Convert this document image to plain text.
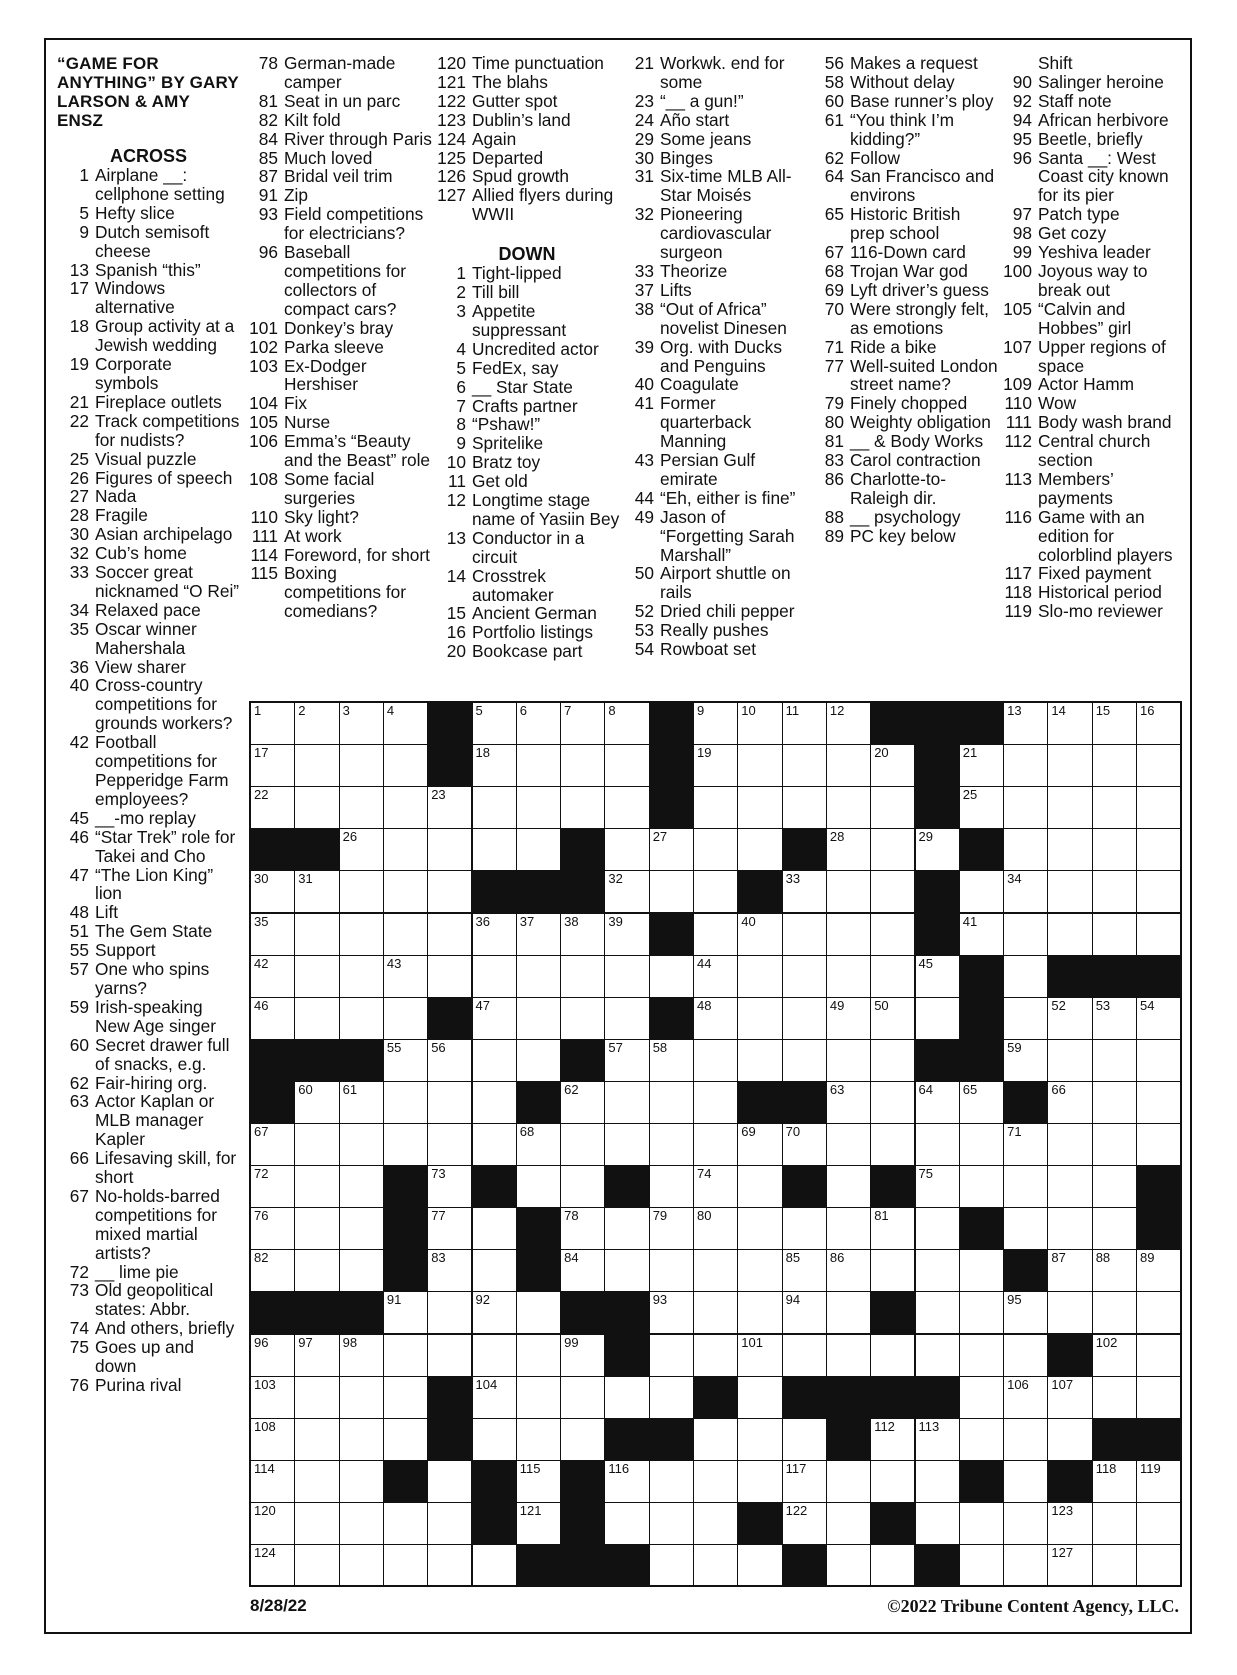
“GAME FOR ANYTHING” BY GARY LARSON & AMY ENSZ
ACROSS
1 Airplane __: cellphone setting
5 Hefty slice
9 Dutch semisoft cheese
13 Spanish “this”
17 Windows alternative
18 Group activity at a Jewish wedding
19 Corporate symbols
21 Fireplace outlets
22 Track competitions for nudists?
25 Visual puzzle
26 Figures of speech
27 Nada
28 Fragile
30 Asian archipelago
32 Cub’s home
33 Soccer great nicknamed “O Rei”
34 Relaxed pace
35 Oscar winner Mahershala
36 View sharer
40 Cross-country competitions for grounds workers?
42 Football competitions for Pepperidge Farm employees?
45 __-mo replay
46 “Star Trek” role for Takei and Cho
47 “The Lion King” lion
48 Lift
51 The Gem State
55 Support
57 One who spins yarns?
59 Irish-speaking New Age singer
60 Secret drawer full of snacks, e.g.
62 Fair-hiring org.
63 Actor Kaplan or MLB manager Kapler
66 Lifesaving skill, for short
67 No-holds-barred competitions for mixed martial artists?
72 __ lime pie
73 Old geopolitical states: Abbr.
74 And others, briefly
75 Goes up and down
76 Purina rival
78 German-made camper
81 Seat in un parc
82 Kilt fold
84 River through Paris
85 Much loved
87 Bridal veil trim
91 Zip
93 Field competitions for electricians?
96 Baseball competitions for collectors of compact cars?
101 Donkey’s bray
102 Parka sleeve
103 Ex-Dodger Hershiser
104 Fix
105 Nurse
106 Emma’s “Beauty and the Beast” role
108 Some facial surgeries
110 Sky light?
111 At work
114 Foreword, for short
115 Boxing competitions for comedians?
120 Time punctuation
121 The blahs
122 Gutter spot
123 Dublin’s land
124 Again
125 Departed
126 Spud growth
127 Allied flyers during WWII
DOWN
1 Tight-lipped
2 Till bill
3 Appetite suppressant
4 Uncredited actor
5 FedEx, say
6 __ Star State
7 Crafts partner
8 “Pshaw!”
9 Spritelike
10 Bratz toy
11 Get old
12 Longtime stage name of Yasiin Bey
13 Conductor in a circuit
14 Crosstrek automaker
15 Ancient German
16 Portfolio listings
20 Bookcase part
21 Workwk. end for some
23 “__ a gun!”
24 Año start
29 Some jeans
30 Binges
31 Six-time MLB All-Star Moisés
32 Pioneering cardiovascular surgeon
33 Theorize
37 Lifts
38 “Out of Africa” novelist Dinesen
39 Org. with Ducks and Penguins
40 Coagulate
41 Former quarterback Manning
43 Persian Gulf emirate
44 “Eh, either is fine”
49 Jason of “Forgetting Sarah Marshall”
50 Airport shuttle on rails
52 Dried chili pepper
53 Really pushes
54 Rowboat set
56 Makes a request
58 Without delay
60 Base runner’s ploy
61 “You think I’m kidding?”
62 Follow
64 San Francisco and environs
65 Historic British prep school
67 116-Down card
68 Trojan War god
69 Lyft driver’s guess
70 Were strongly felt, as emotions
71 Ride a bike
77 Well-suited London street name?
79 Finely chopped
80 Weighty obligation
81 __ & Body Works
83 Carol contraction
86 Charlotte-to-Raleigh dir.
88 __ psychology
89 PC key below
Shift
90 Salinger heroine
92 Staff note
94 African herbivore
95 Beetle, briefly
96 Santa __: West Coast city known for its pier
97 Patch type
98 Get cozy
99 Yeshiva leader
100 Joyous way to break out
105 “Calvin and Hobbes” girl
107 Upper regions of space
109 Actor Hamm
110 Wow
111 Body wash brand
112 Central church section
113 Members’ payments
116 Game with an edition for colorblind players
117 Fixed payment
118 Historical period
119 Slo-mo reviewer
1	2	3	4	5	6	7	8	9	10 11 12	13 14 15 16
17	18	19	20	21
22	23	25
26	27	28	29
30 31	32	33	34
35	36 37 38 39	40	41
42	43	44	45
46	47	48	49 50	52 53 54
55 56	57 58	59
60 61	62	63	64 65	66
67	68	69 70	71
72	73	74	75
76	77	78	79 80	81
82	83	84	85 86	87 88 89
91	92	93	94	95
96 97 98	99	101	102
103	104	106 107
108	112 113
114	115	116	117	118 119
120	121	122	123
124	127
8/28/22	©2022 Tribune Content Agency, LLC.
